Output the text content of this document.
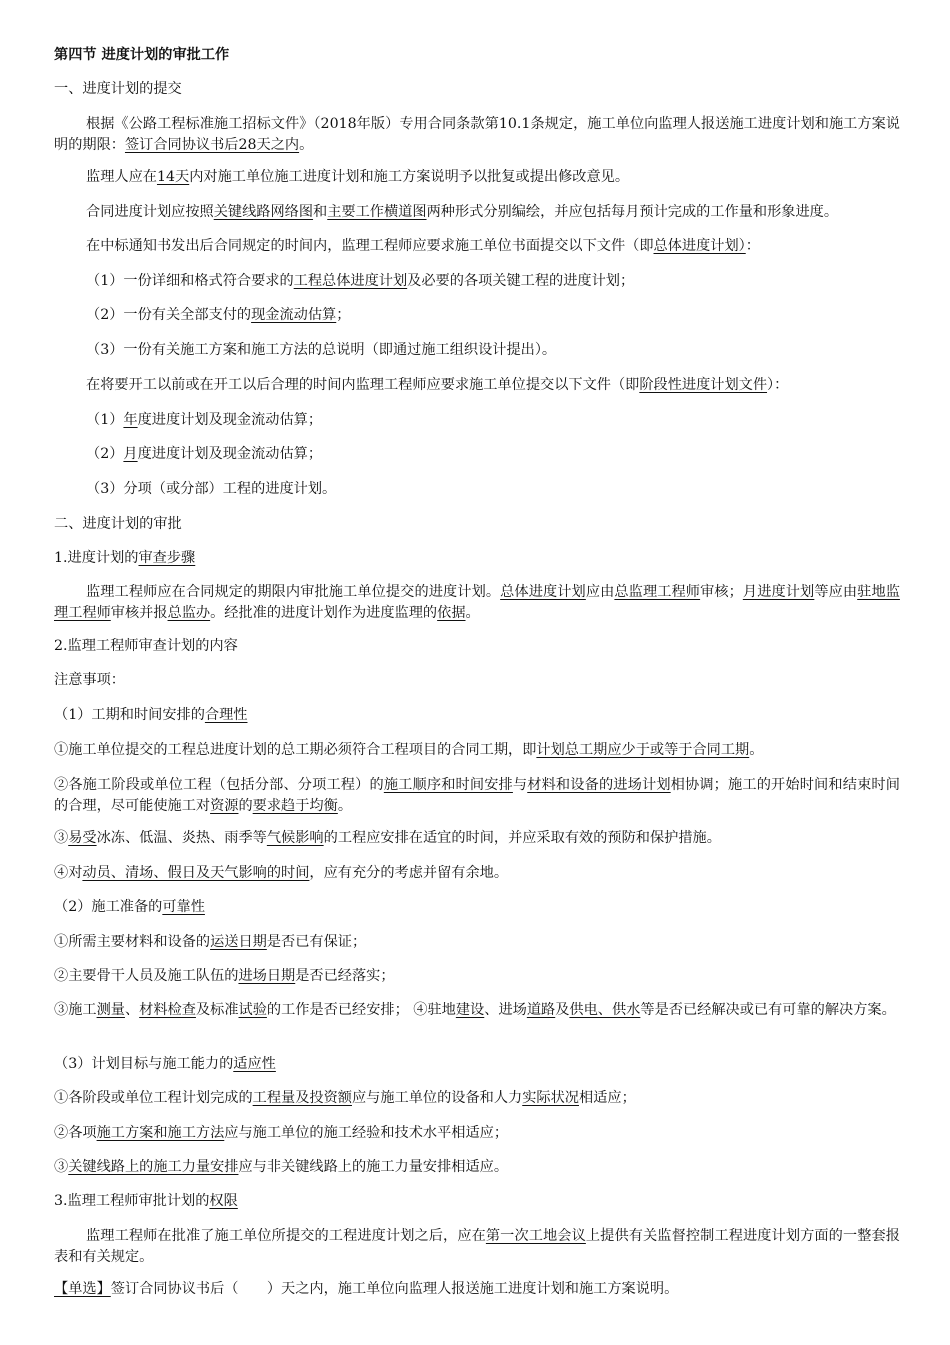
第四节 进度计划的审批工作
一、进度计划的提交
根据《公路工程标准施工招标文件》（2018年版）专用合同条款第10.1条规定，施工单位向监理人报送施工进度计划和施工方案说明的期限：签订合同协议书后28天之内。
监理人应在14天内对施工单位施工进度计划和施工方案说明予以批复或提出修改意见。
合同进度计划应按照关键线路网络图和主要工作横道图两种形式分别编绘，并应包括每月预计完成的工作量和形象进度。
在中标通知书发出后合同规定的时间内，监理工程师应要求施工单位书面提交以下文件（即总体进度计划）：
（1）一份详细和格式符合要求的工程总体进度计划及必要的各项关键工程的进度计划；
（2）一份有关全部支付的现金流动估算；
（3）一份有关施工方案和施工方法的总说明（即通过施工组织设计提出）。
在将要开工以前或在开工以后合理的时间内监理工程师应要求施工单位提交以下文件（即阶段性进度计划文件）：
（1）年度进度计划及现金流动估算；
（2）月度进度计划及现金流动估算；
（3）分项（或分部）工程的进度计划。
二、进度计划的审批
1.进度计划的审查步骤
监理工程师应在合同规定的期限内审批施工单位提交的进度计划。总体进度计划应由总监理工程师审核；月进度计划等应由驻地监理工程师审核并报总监办。经批准的进度计划作为进度监理的依据。
2.监理工程师审查计划的内容
注意事项：
（1）工期和时间安排的合理性
①施工单位提交的工程总进度计划的总工期必须符合工程项目的合同工期，即计划总工期应少于或等于合同工期。
②各施工阶段或单位工程（包括分部、分项工程）的施工顺序和时间安排与材料和设备的进场计划相协调；施工的开始时间和结束时间的合理，尽可能使施工对资源的要求趋于均衡。
③易受冰冻、低温、炎热、雨季等气候影响的工程应安排在适宜的时间，并应采取有效的预防和保护措施。
④对动员、清场、假日及天气影响的时间，应有充分的考虑并留有余地。
（2）施工准备的可靠性
①所需主要材料和设备的运送日期是否已有保证；
②主要骨干人员及施工队伍的进场日期是否已经落实；
③施工测量、材料检查及标准试验的工作是否已经安排； ④驻地建设、进场道路及供电、供水等是否已经解决或已有可靠的解决方案。
（3）计划目标与施工能力的适应性
①各阶段或单位工程计划完成的工程量及投资额应与施工单位的设备和人力实际状况相适应；
②各项施工方案和施工方法应与施工单位的施工经验和技术水平相适应；
③关键线路上的施工力量安排应与非关键线路上的施工力量安排相适应。
3.监理工程师审批计划的权限
监理工程师在批准了施工单位所提交的工程进度计划之后，应在第一次工地会议上提供有关监督控制工程进度计划方面的一整套报表和有关规定。
【单选】签订合同协议书后（　　）天之内，施工单位向监理人报送施工进度计划和施工方案说明。
